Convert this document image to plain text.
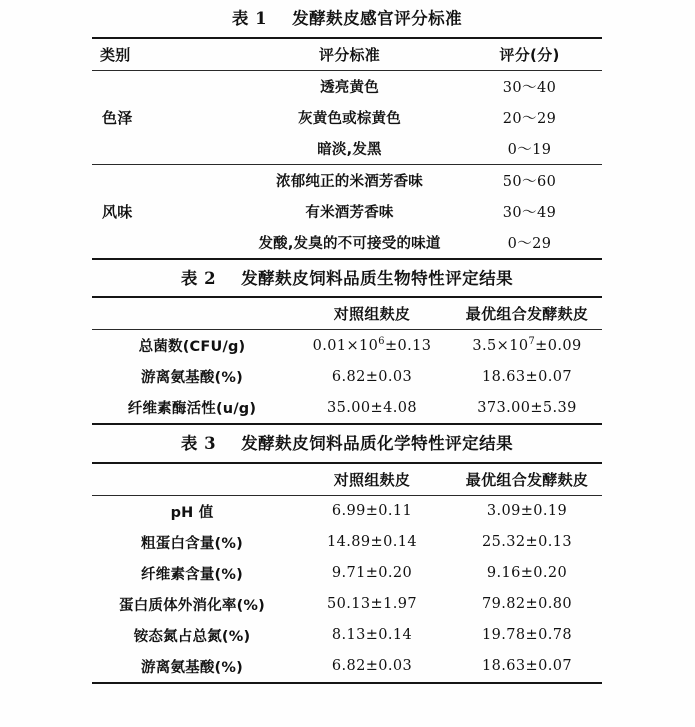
表 1 发酵麸皮感官评分标准
类别	评分标准	评分(分)
	透亮黄色	30～40
色泽	灰黄色或棕黄色	20～29
	暗淡,发黑	0～19
	浓郁纯正的米酒芳香味	50～60
风味	有米酒芳香味	30～49
	发酸,发臭的不可接受的味道	0～29
表 2 发酵麸皮饲料品质生物特性评定结果
	对照组麸皮	最优组合发酵麸皮
总菌数(CFU/g)	$0.01\times 10^6\pm 0.13$	$3.5\times 10^7\pm 0.09$
游离氨基酸(%)	6.82±0.03	18.63±0.07
纤维素酶活性(u/g)	35.00±4.08	373.00±5.39
表 3 发酵麸皮饲料品质化学特性评定结果
	对照组麸皮	最优组合发酵麸皮
pH 值	6.99±0.11	3.09±0.19
粗蛋白含量(%)	14.89±0.14	25.32±0.13
纤维素含量(%)	9.71±0.20	9.16±0.20
蛋白质体外消化率(%)	50.13±1.97	79.82±0.80
铵态氮占总氮(%)	8.13±0.14	19.78±0.78
游离氨基酸(%)	6.82±0.03	18.63±0.07
